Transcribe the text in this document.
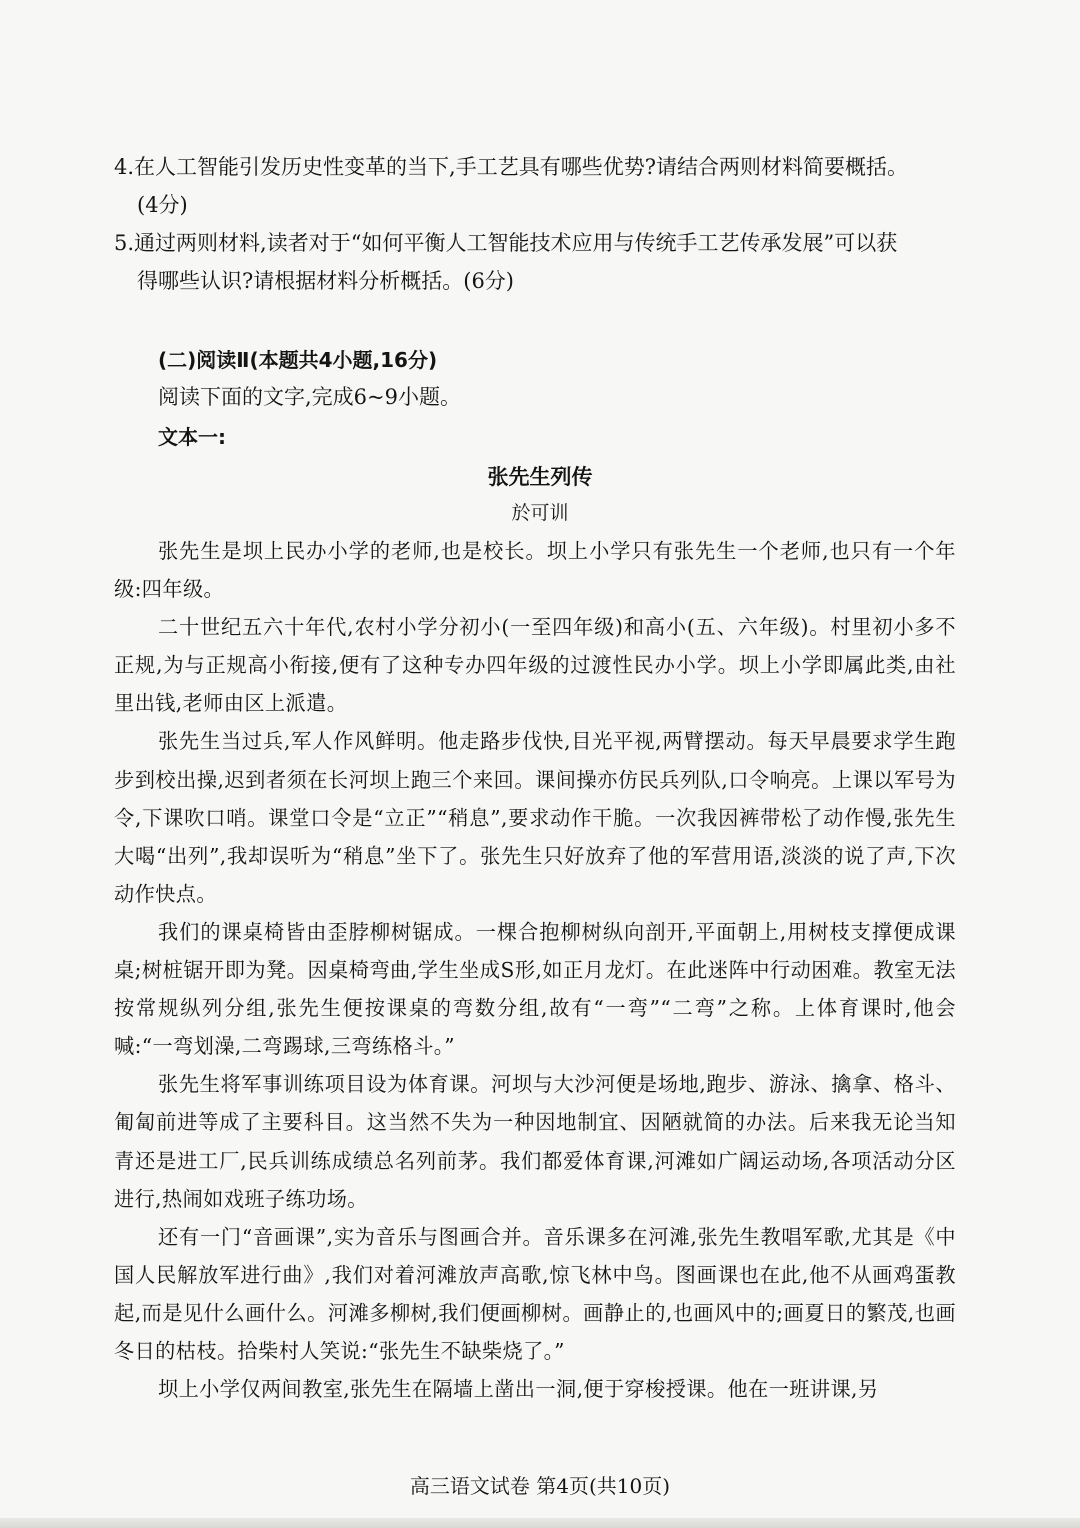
4.在人工智能引发历史性变革的当下,手工艺具有哪些优势?请结合两则材料简要概括。
(4分)
5.通过两则材料,读者对于“如何平衡人工智能技术应用与传统手工艺传承发展”可以获
得哪些认识?请根据材料分析概括。(6分)
(二)阅读Ⅱ(本题共4小题,16分)
阅读下面的文字,完成6~9小题。
文本一:
张先生列传
於可训

张先生是坝上民办小学的老师,也是校长。坝上小学只有张先生一个老师,也只有一个年级:四年级。

二十世纪五六十年代,农村小学分初小(一至四年级)和高小(五、六年级)。村里初小多不正规,为与正规高小衔接,便有了这种专办四年级的过渡性民办小学。坝上小学即属此类,由社里出钱,老师由区上派遣。

张先生当过兵,军人作风鲜明。他走路步伐快,目光平视,两臂摆动。每天早晨要求学生跑步到校出操,迟到者须在长河坝上跑三个来回。课间操亦仿民兵列队,口令响亮。上课以军号为令,下课吹口哨。课堂口令是“立正”“稍息”,要求动作干脆。一次我因裤带松了动作慢,张先生大喝“出列”,我却误听为“稍息”坐下了。张先生只好放弃了他的军营用语,淡淡的说了声,下次动作快点。

我们的课桌椅皆由歪脖柳树锯成。一棵合抱柳树纵向剖开,平面朝上,用树枝支撑便成课桌;树桩锯开即为凳。因桌椅弯曲,学生坐成S形,如正月龙灯。在此迷阵中行动困难。教室无法按常规纵列分组,张先生便按课桌的弯数分组,故有“一弯”“二弯”之称。上体育课时,他会喊:“一弯划澡,二弯踢球,三弯练格斗。”

张先生将军事训练项目设为体育课。河坝与大沙河便是场地,跑步、游泳、擒拿、格斗、匍匐前进等成了主要科目。这当然不失为一种因地制宜、因陋就简的办法。后来我无论当知青还是进工厂,民兵训练成绩总名列前茅。我们都爱体育课,河滩如广阔运动场,各项活动分区进行,热闹如戏班子练功场。

还有一门“音画课”,实为音乐与图画合并。音乐课多在河滩,张先生教唱军歌,尤其是《中国人民解放军进行曲》,我们对着河滩放声高歌,惊飞林中鸟。图画课也在此,他不从画鸡蛋教起,而是见什么画什么。河滩多柳树,我们便画柳树。画静止的,也画风中的;画夏日的繁茂,也画冬日的枯枝。拾柴村人笑说:“张先生不缺柴烧了。”

坝上小学仅两间教室,张先生在隔墙上凿出一洞,便于穿梭授课。他在一班讲课,另

高三语文试卷 第4页(共10页)
